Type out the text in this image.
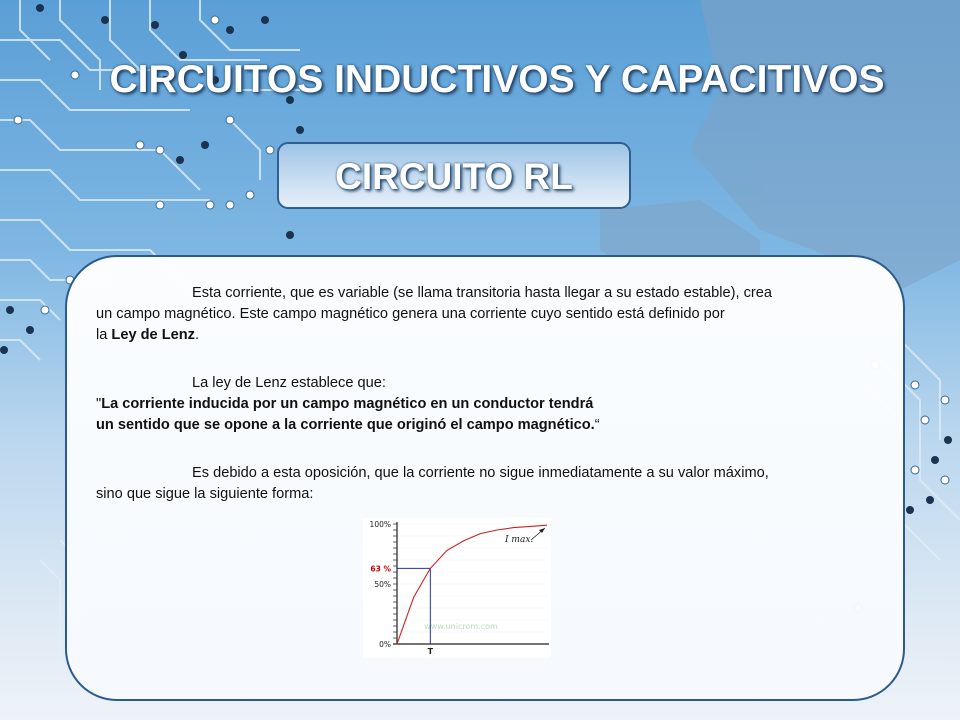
CIRCUITOS INDUCTIVOS Y CAPACITIVOS
CIRCUITO RL
Esta corriente, que es variable (se llama transitoria hasta llegar a su estado estable), crea
un campo magnético. Este campo magnético genera una corriente cuyo sentido está definido por
la Ley de Lenz.
La ley de Lenz establece que:
"La corriente inducida por un campo magnético en un conductor tendrá
un sentido que se opone a la corriente que originó el campo magnético.“
Es debido a esta oposición, que la corriente no sigue inmediatamente a su valor máximo,
sino que sigue la siguiente forma:
www.unicrom.com
100%
63 %
50%
0%
T
I max.
